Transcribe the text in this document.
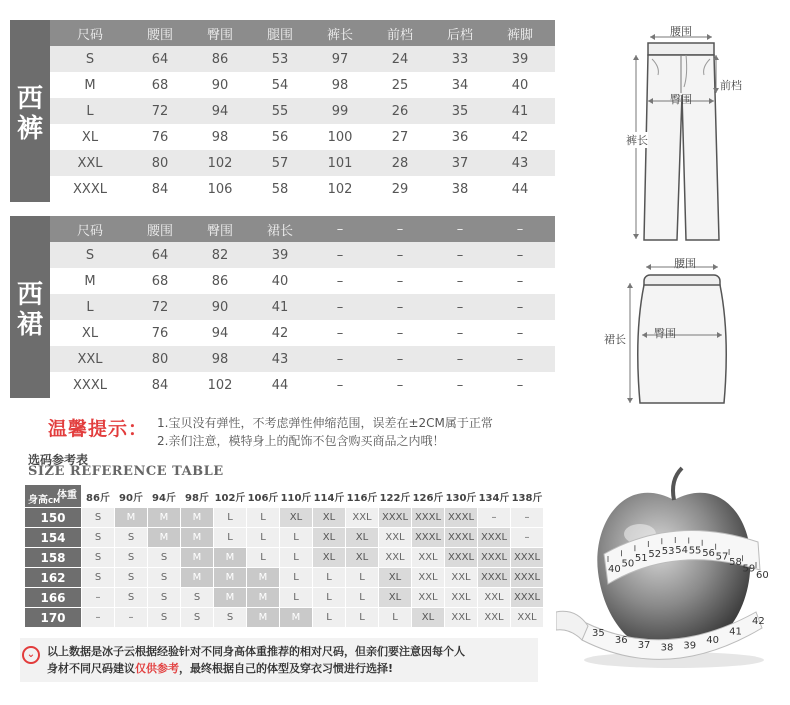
西
裤
尺码	腰围	臀围	腿围	裤长	前档	后档	裤脚
S	64	86	53	97	24	33	39
M	68	90	54	98	25	34	40
L	72	94	55	99	26	35	41
XL	76	98	56	100	27	36	42
XXL	80	102	57	101	28	37	43
XXXL	84	106	58	102	29	38	44
西
裙
尺码	腰围	臀围	裙长	–	–	–	–
S	64	82	39	–	–	–	–
M	68	86	40	–	–	–	–
L	72	90	41	–	–	–	–
XL	76	94	42	–	–	–	–
XXL	80	98	43	–	–	–	–
XXXL	84	102	44	–	–	–	–
腰围
前档
臀围
裤长
腰围
臀围
裙长
温馨提示： 1.宝贝没有弹性，不考虑弹性伸缩范围，误差在±2CM属于正常
2.亲们注意，模特身上的配饰不包含购买商品之内哦！
选码参考表
SIZE REFERENCE TABLE
体重
身高CM	86斤	90斤	94斤	98斤	102斤	106斤	110斤	114斤	116斤	122斤	126斤	130斤	134斤	138斤
150	S	M	M	M	L	L	XL	XL	XXL	XXXL	XXXL	XXXL	–	–
154	S	S	M	M	L	L	L	XL	XL	XXL	XXXL	XXXL	XXXL	–
158	S	S	S	M	M	L	L	XL	XL	XXL	XXL	XXXL	XXXL	XXXL
162	S	S	S	M	M	M	L	L	L	XL	XXL	XXL	XXXL	XXXL
166	–	S	S	S	M	M	L	L	L	XL	XXL	XXL	XXL	XXXL
170	–	–	S	S	S	M	M	L	L	L	XL	XXL	XXL	XXL
40
50 51 52 53 54 55 56 57 58
59
60
35
36 37 38 39 40
41
42
⌄	以上数据是冰子云根据经验针对不同身高体重推荐的相对尺码，但亲们要注意因每个人
身材不同尺码建议仅供参考，最终根据自己的体型及穿衣习惯进行选择!
